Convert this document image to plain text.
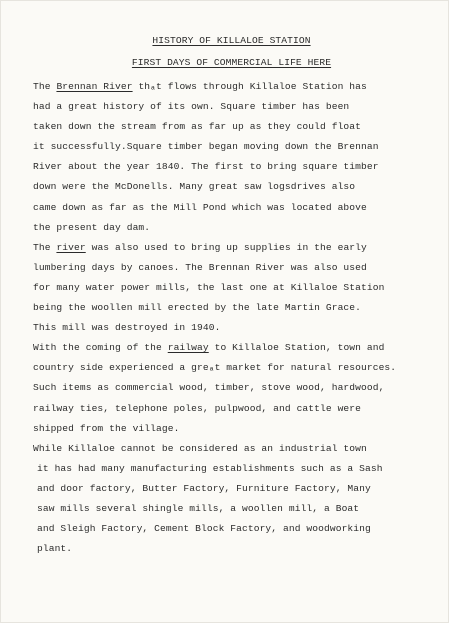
HISTORY OF KILLALOE STATION
FIRST DAYS OF COMMERCIAL LIFE HERE
The Brennan River thₐt flows through Killaloe Station has
had a great history of its own. Square timber has been
taken down the stream from as far up as they could float
it successfully.Square timber began moving down the Brennan
River about the year 1840. The first to bring square timber
down were the McDonells. Many great saw logsdrives also
came down as far as the Mill Pond which was located above
the present day dam.
The river was also used to bring up supplies in the early
lumbering days by canoes. The Brennan River was also used
for many water power mills, the last one at Killaloe Station
being the woollen mill erected by the late Martin Grace.
This mill was destroyed in 1940.
With the coming of the railway to Killaloe Station, town and
country side experienced a greₐt market for natural resources.
Such items as commercial wood, timber, stove wood, hardwood,
railway ties, telephone poles, pulpwood, and cattle were
shipped from the village.
While Killaloe cannot be considered as an industrial town
it has had many manufacturing establishments such as a Sash
and door factory, Butter Factory, Furniture Factory, Many
saw mills several shingle mills, a woollen mill, a Boat
and Sleigh Factory, Cement Block Factory, and woodworking
plant.
